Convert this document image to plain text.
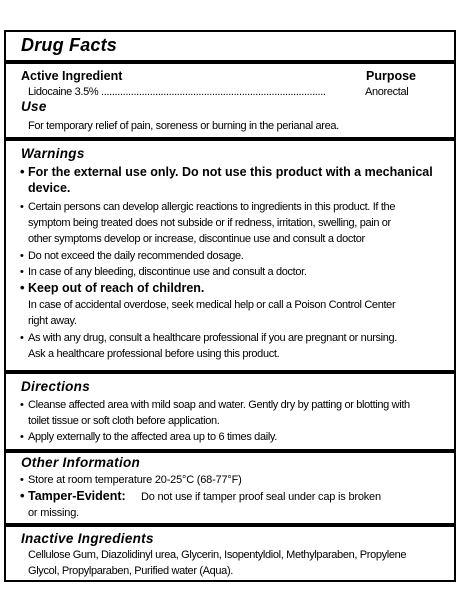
Drug Facts
Active Ingredient	Purpose
Lidocaine 3.5% ...................................................................................	Anorectal
Use
For temporary relief of pain, soreness or burning in the perianal area.
Warnings
• For the external use only. Do not use this product with a mechanical
device.
• Certain persons can develop allergic reactions to ingredients in this product. If the
symptom being treated does not subside or if redness, irritation, swelling, pain or
other symptoms develop or increase, discontinue use and consult a doctor
• Do not exceed the daily recommended dosage.
• In case of any bleeding, discontinue use and consult a doctor.
• Keep out of reach of children.
In case of accidental overdose, seek medical help or call a Poison Control Center
right away.
• As with any drug, consult a healthcare professional if you are pregnant or nursing.
Ask a healthcare professional before using this product.
Directions
• Cleanse affected area with mild soap and water. Gently dry by patting or blotting with
toilet tissue or soft cloth before application.
• Apply externally to the affected area up to 6 times daily.
Other Information
• Store at room temperature 20-25°C (68-77°F)
• Tamper-Evident: Do not use if tamper proof seal under cap is broken
or missing.
Inactive Ingredients
Cellulose Gum, Diazolidinyl urea, Glycerin, Isopentyldiol, Methylparaben, Propylene
Glycol, Propylparaben, Purified water (Aqua).
